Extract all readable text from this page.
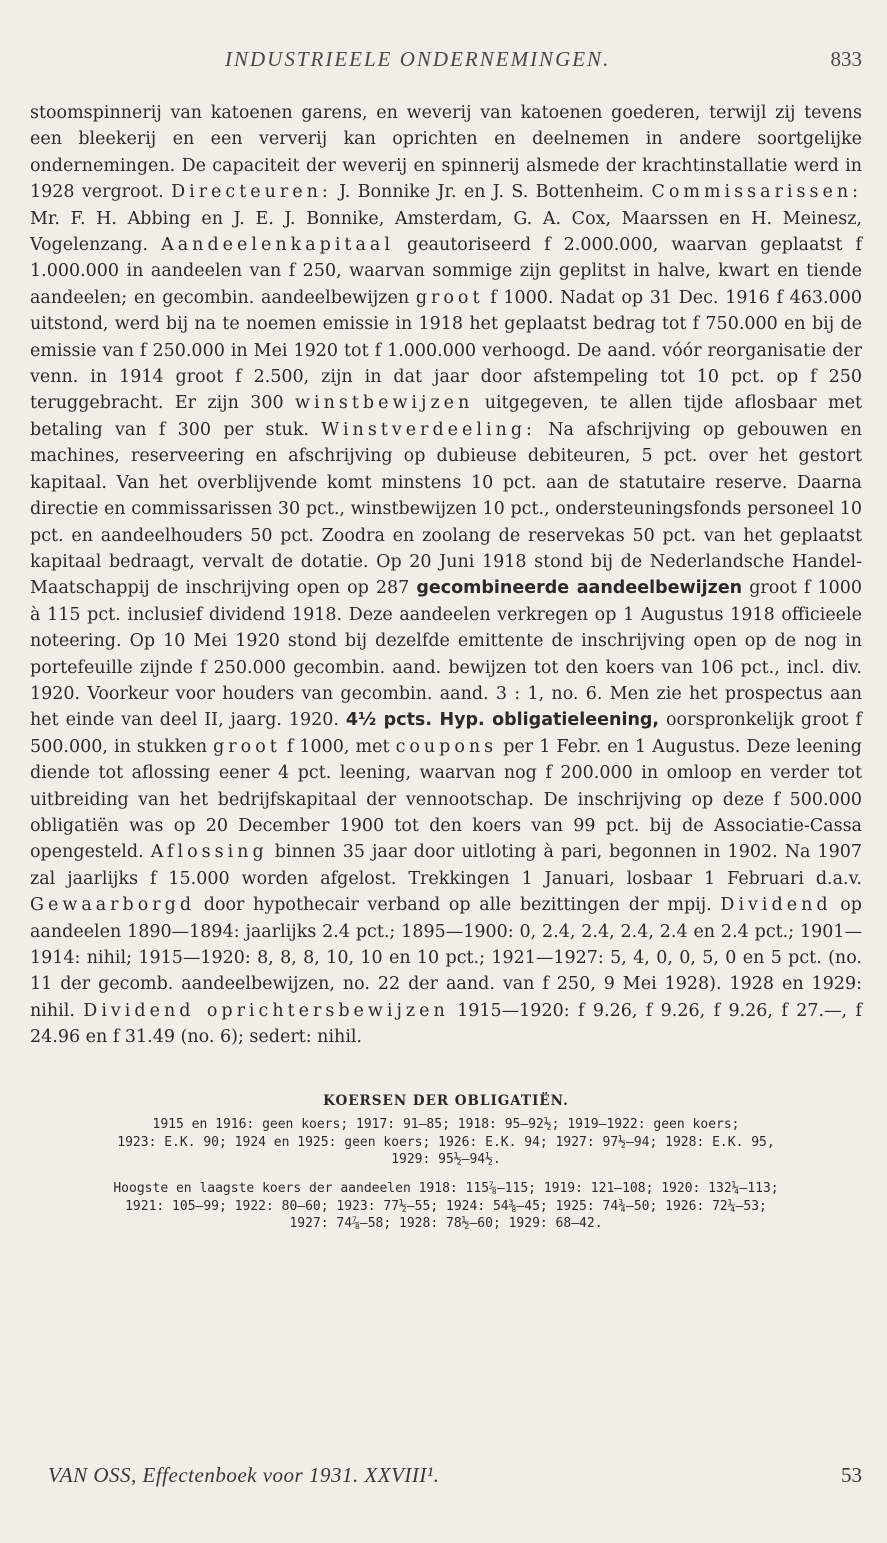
INDUSTRIEELE ONDERNEMINGEN.	833
stoomspinnerij van katoenen garens, en weverij van katoenen goederen, terwijl zij tevens een bleekerij en een ververij kan oprichten en deelnemen in andere soortgelijke ondernemingen. De capaciteit der weverij en spinnerij alsmede der krachtinstallatie werd in 1928 vergroot. Directeuren: J. Bonnike Jr. en J. S. Bottenheim. Commissarissen: Mr. F. H. Abbing en J. E. J. Bonnike, Amsterdam, G. A. Cox, Maarssen en H. Meinesz, Vogelenzang. Aandeelenkapitaal geautoriseerd f 2.000.000, waarvan geplaatst f 1.000.000 in aandeelen van f 250, waarvan sommige zijn geplitst in halve, kwart en tiende aandeelen; en gecombin. aandeelbewijzen groot f 1000. Nadat op 31 Dec. 1916 f 463.000 uitstond, werd bij na te noemen emissie in 1918 het geplaatst bedrag tot f 750.000 en bij de emissie van f 250.000 in Mei 1920 tot f 1.000.000 verhoogd. De aand. vóór reorganisatie der venn. in 1914 groot f 2.500, zijn in dat jaar door afstempeling tot 10 pct. op f 250 teruggebracht. Er zijn 300 winstbewijzen uitgegeven, te allen tijde aflosbaar met betaling van f 300 per stuk. Winstverdeeling: Na afschrijving op gebouwen en machines, reserveering en afschrijving op dubieuse debiteuren, 5 pct. over het gestort kapitaal. Van het overblijvende komt minstens 10 pct. aan de statutaire reserve. Daarna directie en commissarissen 30 pct., winstbewijzen 10 pct., ondersteuningsfonds personeel 10 pct. en aandeelhouders 50 pct. Zoodra en zoolang de reservekas 50 pct. van het geplaatst kapitaal bedraagt, vervalt de dotatie. Op 20 Juni 1918 stond bij de Nederlandsche Handel-Maatschappij de inschrijving open op 287 gecombineerde aandeelbewijzen groot f 1000 à 115 pct. inclusief dividend 1918. Deze aandeelen verkregen op 1 Augustus 1918 officieele noteering. Op 10 Mei 1920 stond bij dezelfde emittente de inschrijving open op de nog in portefeuille zijnde f 250.000 gecombin. aand. bewijzen tot den koers van 106 pct., incl. div. 1920. Voorkeur voor houders van gecombin. aand. 3 : 1, no. 6. Men zie het prospectus aan het einde van deel II, jaarg. 1920. 4½ pcts. Hyp. obligatieleening, oorspronkelijk groot f 500.000, in stukken groot f 1000, met coupons per 1 Febr. en 1 Augustus. Deze leening diende tot aflossing eener 4 pct. leening, waarvan nog f 200.000 in omloop en verder tot uitbreiding van het bedrijfskapitaal der vennootschap. De inschrijving op deze f 500.000 obligatiën was op 20 December 1900 tot den koers van 99 pct. bij de Associatie-Cassa opengesteld. Aflossing binnen 35 jaar door uitloting à pari, begonnen in 1902. Na 1907 zal jaarlijks f 15.000 worden afgelost. Trekkingen 1 Januari, losbaar 1 Februari d.a.v. Gewaarborgd door hypothecair verband op alle bezittingen der mpij. Dividend op aandeelen 1890—1894: jaarlijks 2.4 pct.; 1895—1900: 0, 2.4, 2.4, 2.4, 2.4 en 2.4 pct.; 1901—1914: nihil; 1915—1920: 8, 8, 8, 10, 10 en 10 pct.; 1921—1927: 5, 4, 0, 0, 5, 0 en 5 pct. (no. 11 der gecomb. aandeelbewijzen, no. 22 der aand. van f 250, 9 Mei 1928). 1928 en 1929: nihil. Dividend oprichtersbewijzen 1915—1920: f 9.26, f 9.26, f 9.26, f 27.—, f 24.96 en f 31.49 (no. 6); sedert: nihil.
KOERSEN DER OBLIGATIËN.
1915 en 1916: geen koers; 1917: 91—85; 1918: 95—92½; 1919—1922: geen koers;
1923: E.K. 90; 1924 en 1925: geen koers; 1926: E.K. 94; 1927: 97½—94; 1928: E.K. 95,
1929: 95½—94½.
Hoogste en laagste koers der aandeelen 1918: 115⅞—115; 1919: 121—108; 1920: 132¼—113;
1921: 105—99; 1922: 80—60; 1923: 77½—55; 1924: 54⅜—45; 1925: 74¾—50; 1926: 72¼—53;
1927: 74⅞—58; 1928: 78½—60; 1929: 68—42.
VAN OSS, Effectenboek voor 1931. XXVIII¹.	53
